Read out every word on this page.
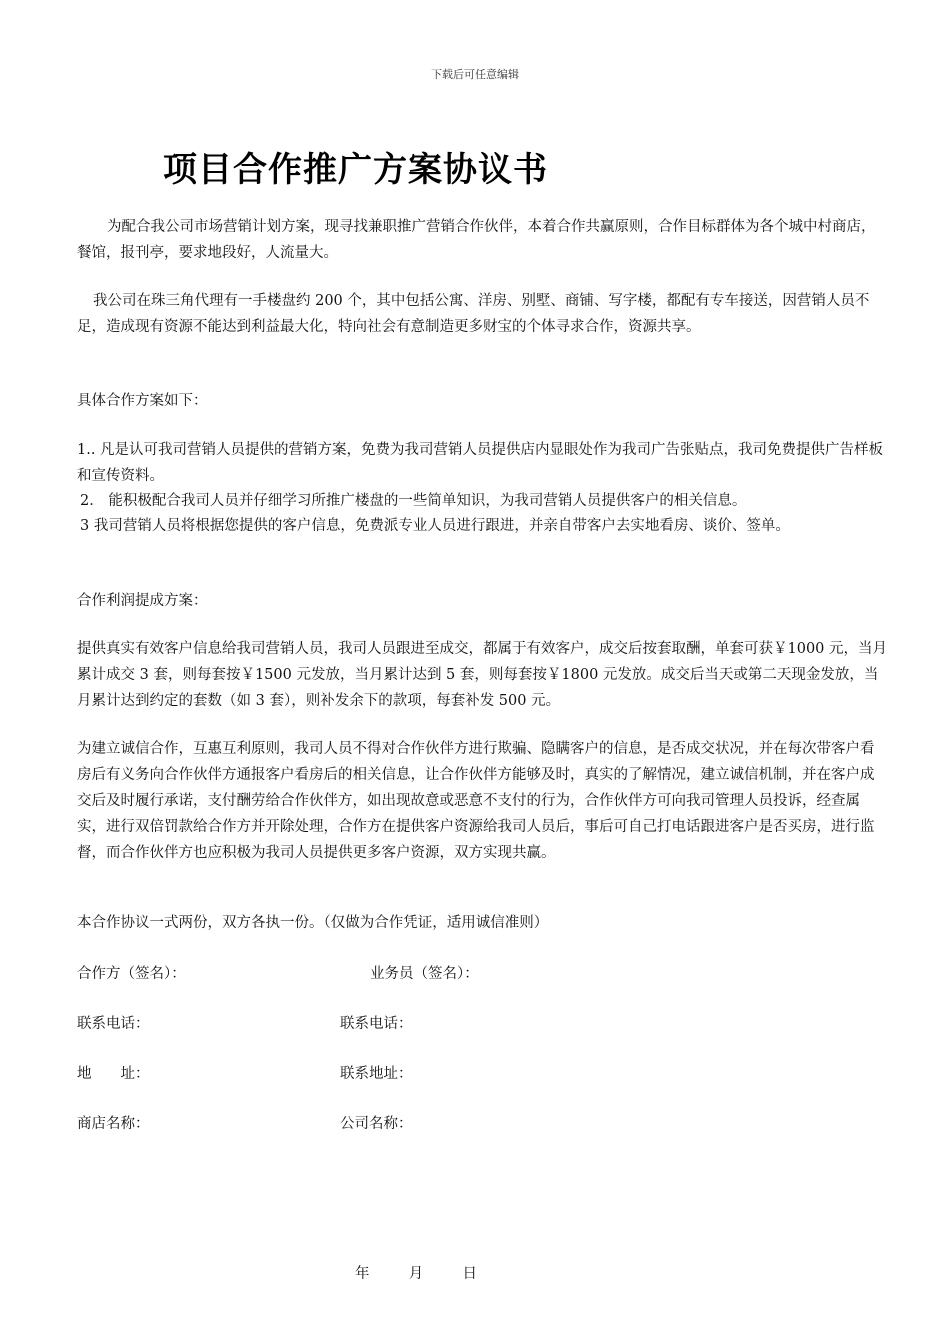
下载后可任意编辑
项目合作推广方案协议书

为配合我公司市场营销计划方案，现寻找兼职推广营销合作伙伴，本着合作共赢原则，合作目标群体为各个城中村商店，餐馆，报刊亭，要求地段好，人流量大。

我公司在珠三角代理有一手楼盘约 200 个，其中包括公寓、洋房、别墅、商铺、写字楼，都配有专车接送，因营销人员不足，造成现有资源不能达到利益最大化，特向社会有意制造更多财宝的个体寻求合作，资源共享。

具体合作方案如下：

1.. 凡是认可我司营销人员提供的营销方案，免费为我司营销人员提供店内显眼处作为我司广告张贴点，我司免费提供广告样板和宣传资料。

2． 能积极配合我司人员并仔细学习所推广楼盘的一些简单知识，为我司营销人员提供客户的相关信息。

3 我司营销人员将根据您提供的客户信息，免费派专业人员进行跟进，并亲自带客户去实地看房、谈价、签单。

合作利润提成方案：

提供真实有效客户信息给我司营销人员，我司人员跟进至成交，都属于有效客户，成交后按套取酬，单套可获￥1000 元，当月累计成交 3 套，则每套按￥1500 元发放，当月累计达到 5 套，则每套按￥1800 元发放。成交后当天或第二天现金发放，当月累计达到约定的套数（如 3 套），则补发余下的款项，每套补发 500 元。

为建立诚信合作，互惠互利原则，我司人员不得对合作伙伴方进行欺骗、隐瞒客户的信息，是否成交状况，并在每次带客户看房后有义务向合作伙伴方通报客户看房后的相关信息，让合作伙伴方能够及时，真实的了解情况，建立诚信机制，并在客户成交后及时履行承诺，支付酬劳给合作伙伴方，如出现故意或恶意不支付的行为，合作伙伴方可向我司管理人员投诉，经查属实，进行双倍罚款给合作方并开除处理，合作方在提供客户资源给我司人员后，事后可自己打电话跟进客户是否买房，进行监督，而合作伙伴方也应积极为我司人员提供更多客户资源，双方实现共赢。

本合作协议一式两份，双方各执一份。（仅做为合作凭证，适用诚信准则）

合作方（签名）：	业务员（签名）：
联系电话：	联系电话：
地　　址：	联系地址：
商店名称：	公司名称：
年	月	日
